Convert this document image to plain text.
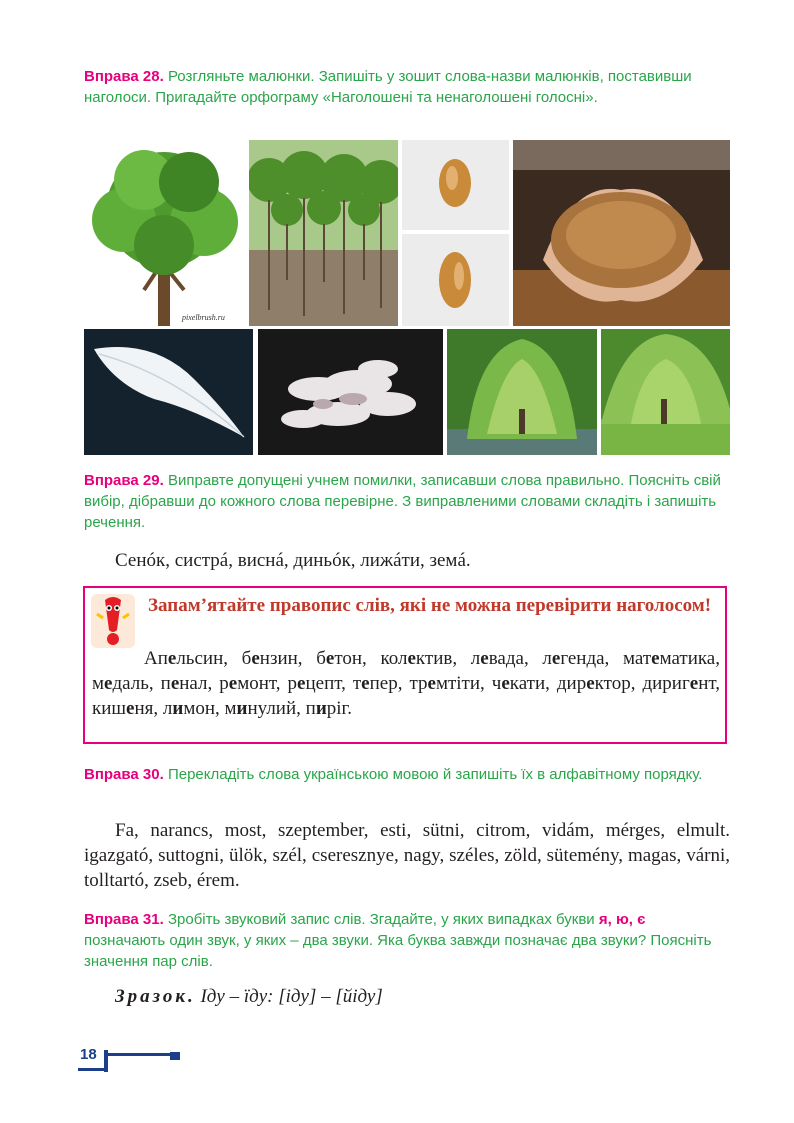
Вправа 28. Розгляньте малюнки. Запишіть у зошит слова-назви малюнків, поставивши наголоси. Пригадайте орфограму «Наголошені та ненаголошені голосні».
pixelbrush.ru
Вправа 29. Виправте допущені учнем помилки, записавши слова правильно. Поясніть свій вибір, дібравши до кожного слова перевірне. З виправленими словами складіть і запишіть речення.
Сенóк, систрá, виснá, диньóк, лижáти, земá.
Запам’ятайте правопис слів, які не можна перевірити наголосом!
Апельсин, бензин, бетон, колектив, левада, легенда, математика, медаль, пенал, ремонт, рецепт, тепер, тремтіти, чекати, директор, диригент, кишеня, лимон, минулий, пиріг.
Вправа 30. Перекладіть слова українською мовою й запишіть їх в алфавітному порядку.
Fa, narancs, most, szeptember, esti, sütni, citrom, vidám, mérges, elmult. igazgató, suttogni, ülök, szél, cseresznye, nagy, széles, zöld, sütemény, magas, várni, tolltartó, zseb, érem.
Вправа 31. Зробіть звуковий запис слів. Згадайте, у яких випадках букви я, ю, є позначають один звук, у яких – два звуки. Яка буква завжди позначає два звуки? Поясніть значення пар слів.
Зразок. Ідy – їдy: [ідy] – [йіду]
18
